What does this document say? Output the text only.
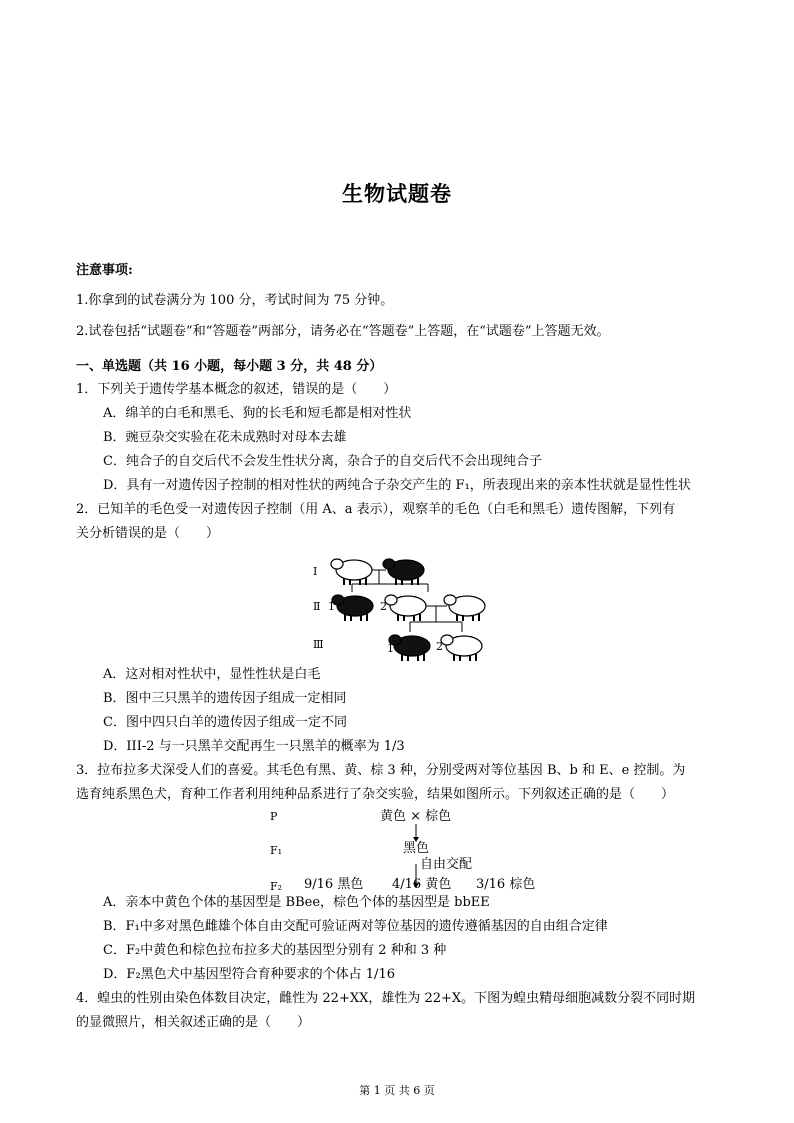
生物试题卷
注意事项:
1.你拿到的试卷满分为 100 分，考试时间为 75 分钟。
2.试卷包括“试题卷”和“答题卷”两部分，请务必在“答题卷”上答题，在“试题卷”上答题无效。
一、单选题（共 16 小题，每小题 3 分，共 48 分）
1．下列关于遗传学基本概念的叙述，错误的是（　　）
A．绵羊的白毛和黑毛、狗的长毛和短毛都是相对性状
B．豌豆杂交实验在花未成熟时对母本去雄
C．纯合子的自交后代不会发生性状分离，杂合子的自交后代不会出现纯合子
D．具有一对遗传因子控制的相对性状的两纯合子杂交产生的 F₁，所表现出来的亲本性状就是显性性状
2．已知羊的毛色受一对遗传因子控制（用 A、a 表示），观察羊的毛色（白毛和黑毛）遗传图解，下列有
关分析错误的是（　　）
Ⅰ
Ⅱ
Ⅲ
1	2
1	2
A．这对相对性状中，显性性状是白毛
B．图中三只黑羊的遗传因子组成一定相同
C．图中四只白羊的遗传因子组成一定不同
D．III-2 与一只黑羊交配再生一只黑羊的概率为 1/3
3．拉布拉多犬深受人们的喜爱。其毛色有黑、黄、棕 3 种，分别受两对等位基因 B、b 和 E、e 控制。为
选育纯系黑色犬，育种工作者利用纯种品系进行了杂交实验，结果如图所示。下列叙述正确的是（　　）
P	黄色 × 棕色
F₁	黑色
自由交配
F₂ 9/16 黑色 4/16 黄色 3/16 棕色
A．亲本中黄色个体的基因型是 BBee，棕色个体的基因型是 bbEE
B．F₁中多对黑色雌雄个体自由交配可验证两对等位基因的遗传遵循基因的自由组合定律
C．F₂中黄色和棕色拉布拉多犬的基因型分别有 2 种和 3 种
D．F₂黑色犬中基因型符合育种要求的个体占 1/16
4．蝗虫的性别由染色体数目决定，雌性为 22+XX，雄性为 22+X。下图为蝗虫精母细胞减数分裂不同时期
的显微照片，相关叙述正确的是（　　）
第 1 页 共 6 页
